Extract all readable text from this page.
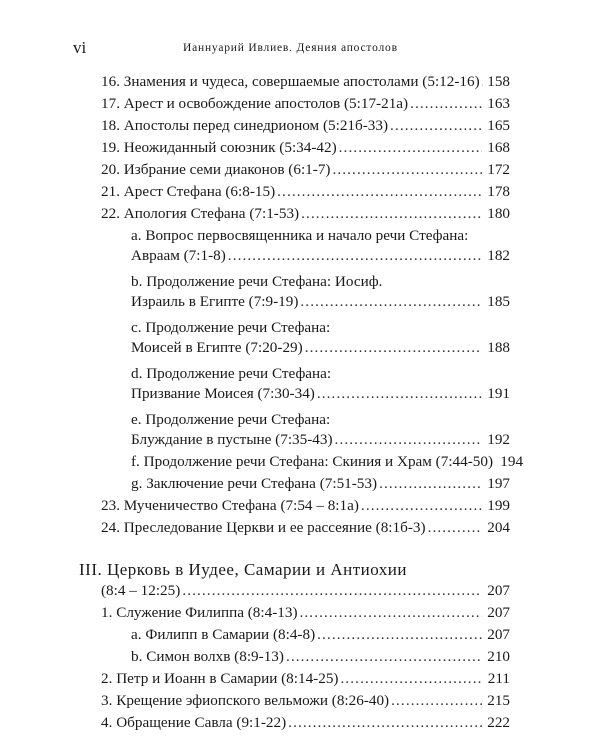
vi	Ианнуарий Ивлиев. Деяния апостолов
16. Знамения и чудеса, совершаемые апостолами (5:12-16) ..... 158
17. Арест и освобождение апостолов (5:17-21а) .....	163
18. Апостолы перед синедрионом (5:21б-33) .....	165
19. Неожиданный союзник (5:34-42) .....	168
20. Избрание семи диаконов (6:1-7) .....	172
21. Арест Стефана (6:8-15) .....	178
22. Апология Стефана (7:1-53) .....	180
a. Вопрос первосвященника и начало речи Стефана:
Авраам (7:1-8) .....	182
b. Продолжение речи Стефана: Иосиф.
Израиль в Египте (7:9-19) .....	185
c. Продолжение речи Стефана:
Моисей в Египте (7:20-29) .....	188
d. Продолжение речи Стефана:
Призвание Моисея (7:30-34) .....	191
e. Продолжение речи Стефана:
Блуждание в пустыне (7:35-43) .....	192
f. Продолжение речи Стефана: Скиния и Храм (7:44-50) 194
g. Заключение речи Стефана (7:51-53) .....	197
23. Мученичество Стефана (7:54 – 8:1а) .....	199
24. Преследование Церкви и ее рассеяние (8:1б-3) .....	204
III. Церковь в Иудее, Самарии и Антиохии
(8:4 – 12:25) .....	207
1. Служение Филиппа (8:4-13) .....	207
a. Филипп в Самарии (8:4-8) .....	207
b. Симон волхв (8:9-13) .....	210
2. Петр и Иоанн в Самарии (8:14-25) .....	211
3. Крещение эфиопского вельможи (8:26-40) .....	215
4. Обращение Савла (9:1-22) .....	222
